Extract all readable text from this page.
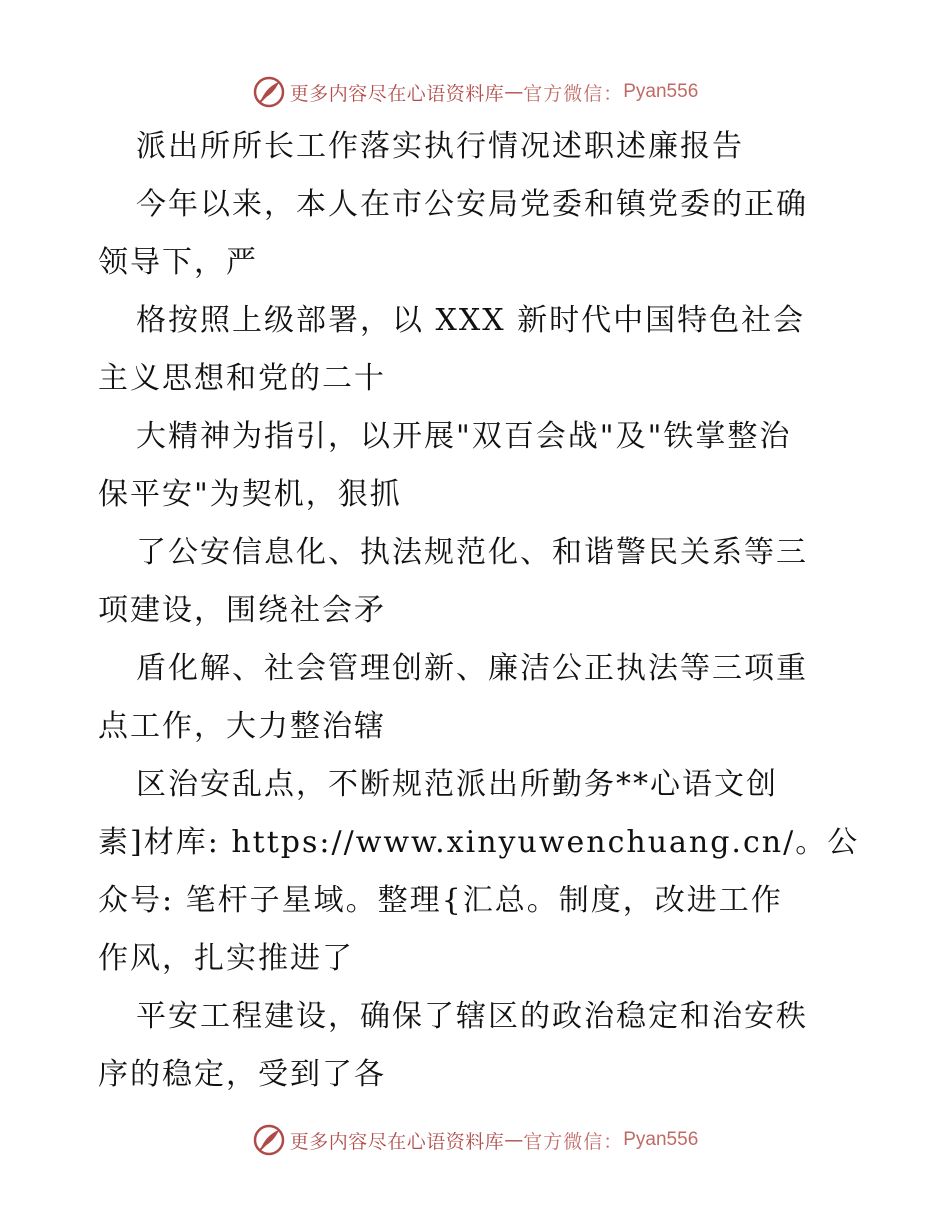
更多内容尽在心语资料库 — 官方微信： Pyan556
派出所所长工作落实执行情况述职述廉报告
今年以来，本人在市公安局党委和镇党委的正确
领导下，严
格按照上级部署，以 XXX 新时代中国特色社会
主义思想和党的二十
大精神为指引，以开展"双百会战"及"铁掌整治
保平安"为契机，狠抓
了公安信息化、执法规范化、和谐警民关系等三
项建设，围绕社会矛
盾化解、社会管理创新、廉洁公正执法等三项重
点工作，大力整治辖
区治安乱点，不断规范派出所勤务**心语文创
素]材库: https://www.xinyuwenchuang.cn/。公
众号: 笔杆子星域。整理{汇总。制度，改进工作
作风，扎实推进了
平安工程建设，确保了辖区的政治稳定和治安秩
序的稳定，受到了各
更多内容尽在心语资料库 — 官方微信： Pyan556
